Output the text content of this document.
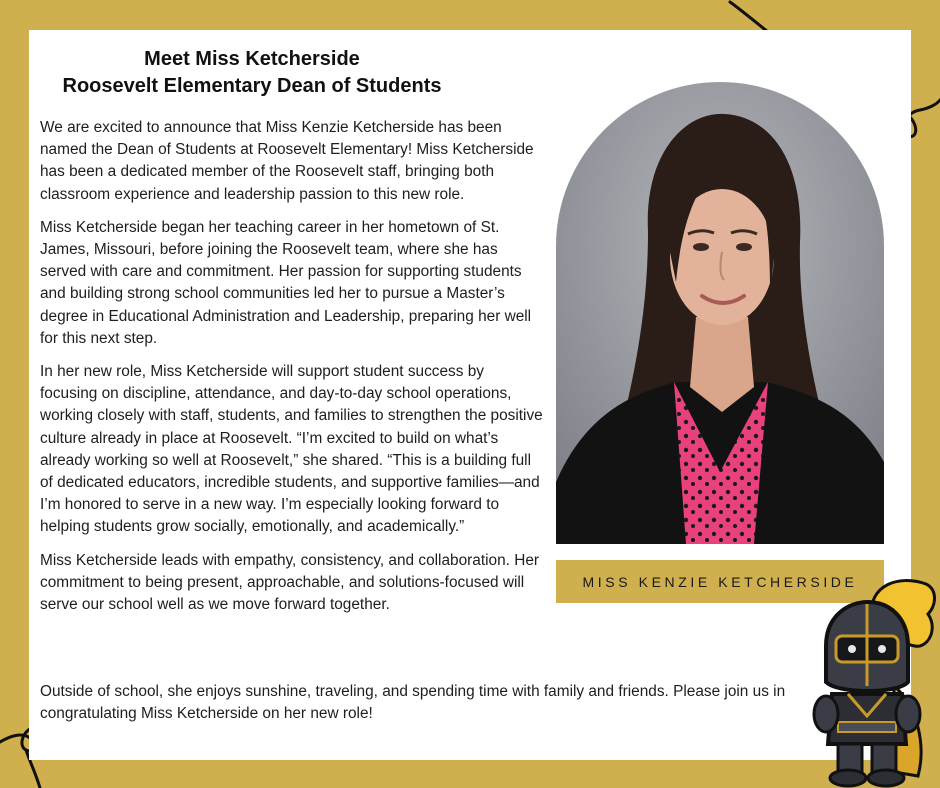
Meet Miss Ketcherside
Roosevelt Elementary Dean of Students

We are excited to announce that Miss Kenzie Ketcherside has been named the Dean of Students at Roosevelt Elementary! Miss Ketcherside has been a dedicated member of the Roosevelt staff, bringing both classroom experience and leadership passion to this new role.

Miss Ketcherside began her teaching career in her hometown of St. James, Missouri, before joining the Roosevelt team, where she has served with care and commitment. Her passion for supporting students and building strong school communities led her to pursue a Master’s degree in Educational Administration and Leadership, preparing her well for this next step.

In her new role, Miss Ketcherside will support student success by focusing on discipline, attendance, and day-to-day school operations, working closely with staff, students, and families to strengthen the positive culture already in place at Roosevelt. “I’m excited to build on what’s already working so well at Roosevelt,” she shared. “This is a building full of dedicated educators, incredible students, and supportive families—and I’m honored to serve in a new way. I’m especially looking forward to helping students grow socially, emotionally, and academically.”

Miss Ketcherside leads with empathy, consistency, and collaboration. Her commitment to being present, approachable, and solutions-focused will serve our school well as we move forward together.

Outside of school, she enjoys sunshine, traveling, and spending time with family and friends. Please join us in congratulating Miss Ketcherside on her new role!

MISS KENZIE KETCHERSIDE
